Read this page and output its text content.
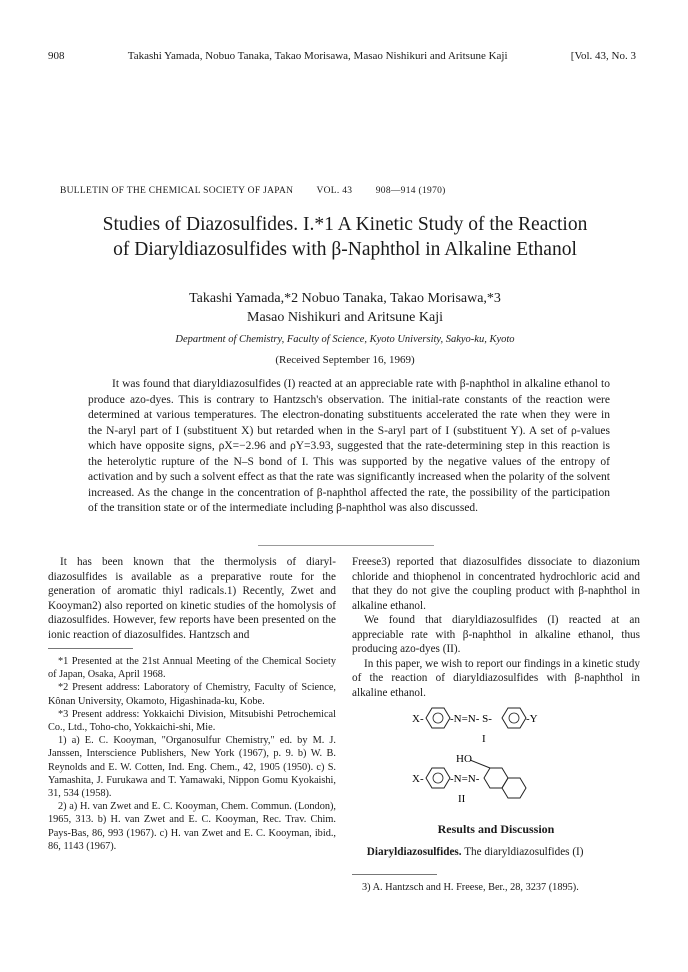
908	Takashi Yamada, Nobuo Tanaka, Takao Morisawa, Masao Nishikuri and Aritsune Kaji	[Vol. 43, No. 3
BULLETIN OF THE CHEMICAL SOCIETY OF JAPAN VOL. 43 908—914 (1970)
Studies of Diazosulfides. I.*1 A Kinetic Study of the Reaction
of Diaryldiazosulfides with β-Naphthol in Alkaline Ethanol
Takashi Yamada,*2 Nobuo Tanaka, Takao Morisawa,*3
Masao Nishikuri and Aritsune Kaji
Department of Chemistry, Faculty of Science, Kyoto University, Sakyo-ku, Kyoto
(Received September 16, 1969)
It was found that diaryldiazosulfides (I) reacted at an appreciable rate with β-naphthol in alkaline ethanol to produce azo-dyes. This is contrary to Hantzsch's observation. The initial-rate constants of the reaction were determined at various temperatures. The electron-donating substituents accelerated the rate when they were in the N-aryl part of I (substituent X) but retarded when in the S-aryl part of I (substituent Y). A set of ρ-values which have opposite signs, ρX=−2.96 and ρY=3.93, suggested that the rate-determining step in this reaction is the heterolytic rupture of the N–S bond of I. This was supported by the negative values of the entropy of activation and by such a solvent effect as that the rate was significantly increased when the polarity of the solvent increased. As the change in the concentration of β-naphthol affected the rate, the possibility of the participation of the transition state or of the intermediate including β-naphthol was also discussed.

It has been known that the thermolysis of diaryl-diazosulfides is available as a preparative route for the generation of aromatic thiyl radicals.1) Recently, Zwet and Kooyman2) also reported on kinetic studies of the homolysis of diazosulfides. However, few reports have been presented on the ionic reaction of diazosulfides. Hantzsch and

*1 Presented at the 21st Annual Meeting of the Chemical Society of Japan, Osaka, April 1968.

*2 Present address: Laboratory of Chemistry, Faculty of Science, Kônan University, Okamoto, Higashinada-ku, Kobe.

*3 Present address: Yokkaichi Division, Mitsubishi Petrochemical Co., Ltd., Toho-cho, Yokkaichi-shi, Mie.

1) a) E. C. Kooyman, "Organosulfur Chemistry," ed. by M. J. Janssen, Interscience Publishers, New York (1967), p. 9. b) W. B. Reynolds and E. W. Cotten, Ind. Eng. Chem., 42, 1905 (1950). c) S. Yamashita, J. Furukawa and T. Yamawaki, Nippon Gomu Kyokaishi, 31, 534 (1958).

2) a) H. van Zwet and E. C. Kooyman, Chem. Commun. (London), 1965, 313. b) H. van Zwet and E. C. Kooyman, Rec. Trav. Chim. Pays-Bas, 86, 993 (1967). c) H. van Zwet and E. C. Kooyman, ibid., 86, 1143 (1967).

Freese3) reported that diazosulfides dissociate to diazonium chloride and thiophenol in concentrated hydrochloric acid and that they do not give the coupling product with β-naphthol in alkaline ethanol.

We found that diaryldiazosulfides (I) reacted at an appreciable rate with β-naphthol in alkaline ethanol, thus producing azo-dyes (II).

In this paper, we wish to report our findings in a kinetic study of the reaction of diaryldiazosulfides with β-naphthol in alkaline ethanol.

X- -N=N- S-	-Y
I
HO
X- -N=N-
II
Results and Discussion
Diaryldiazosulfides. The diaryldiazosulfides (I)

3) A. Hantzsch and H. Freese, Ber., 28, 3237 (1895).
